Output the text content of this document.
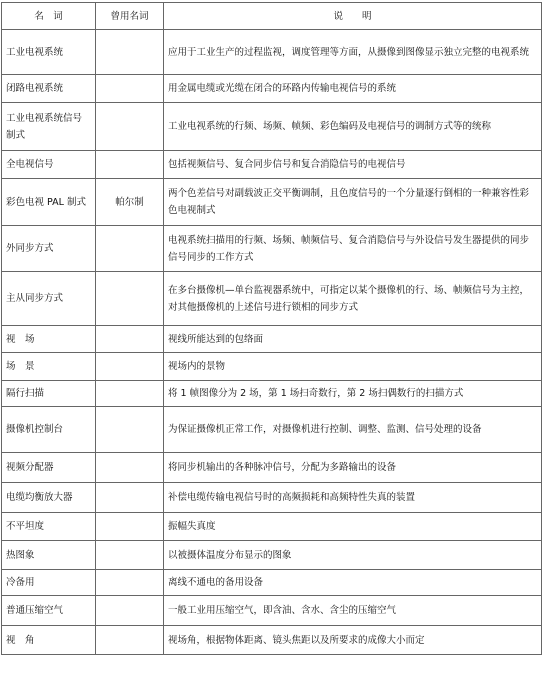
名　词	曾用名词	说　　明
工业电视系统		应用于工业生产的过程监视，调度管理等方面，从摄像到图像显示独立完整的电视系统
闭路电视系统		用金属电缆或光缆在闭合的环路内传输电视信号的系统
工业电视系统信号制式		工业电视系统的行频、场频、帧频、彩色编码及电视信号的调制方式等的统称
全电视信号		包括视频信号、复合同步信号和复合消隐信号的电视信号
彩色电视 PAL 制式	帕尔制	两个色差信号对副载波正交平衡调制，且色度信号的一个分量逐行倒相的一种兼容性彩色电视制式
外同步方式		电视系统扫描用的行频、场频、帧频信号、复合消隐信号与外设信号发生器提供的同步信号同步的工作方式
主从同步方式		在多台摄像机—单台监视器系统中，可指定以某个摄像机的行、场、帧频信号为主控，对其他摄像机的上述信号进行锁相的同步方式
视　场		视线所能达到的包络面
场　景		视场内的景物
隔行扫描		将 1 帧图像分为 2 场，第 1 场扫奇数行，第 2 场扫偶数行的扫描方式
摄像机控制台		为保证摄像机正常工作，对摄像机进行控制、调整、监测、信号处理的设备
视频分配器		将同步机输出的各种脉冲信号，分配为多路输出的设备
电缆均衡放大器		补偿电缆传输电视信号时的高频损耗和高频特性失真的装置
不平坦度		振幅失真度
热图象		以被摄体温度分布显示的图象
冷备用		离线不通电的备用设备
普通压缩空气		一般工业用压缩空气，即含油、含水、含尘的压缩空气
视　角		视场角，根据物体距离、镜头焦距以及所要求的成像大小而定
